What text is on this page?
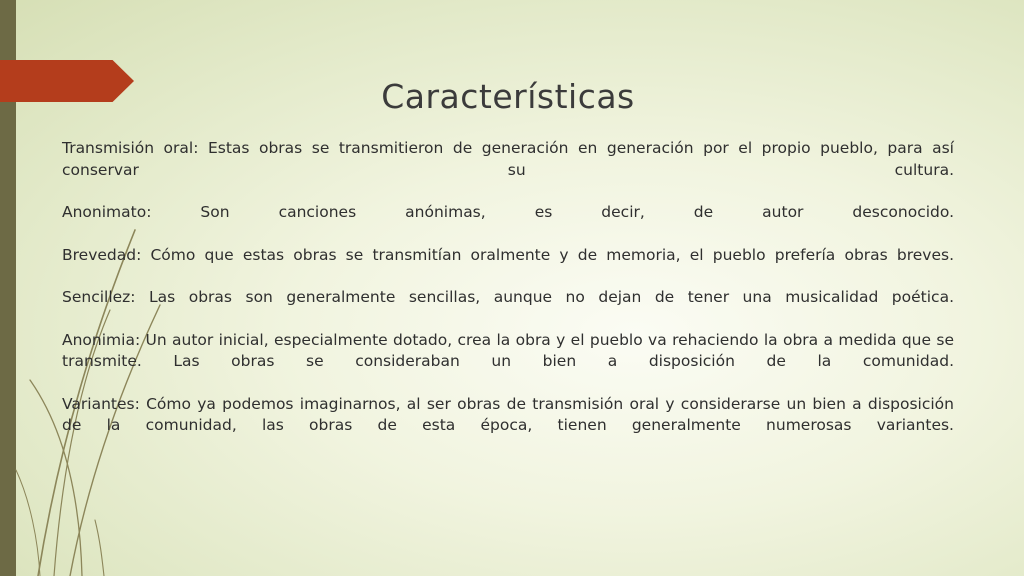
Características

Transmisión oral: Estas obras se transmitieron de generación en generación por el propio pueblo, para así conservar su cultura.

Anonimato: Son canciones anónimas, es decir, de autor desconocido.

Brevedad: Cómo que estas obras se transmitían oralmente y de memoria, el pueblo prefería obras breves.

Sencillez: Las obras son generalmente sencillas, aunque no dejan de tener una musicalidad poética.

Anonimia: Un autor inicial, especialmente dotado, crea la obra y el pueblo va rehaciendo la obra a medida que se transmite. Las obras se consideraban un bien a disposición de la comunidad.

Variantes: Cómo ya podemos imaginarnos, al ser obras de transmisión oral y considerarse un bien a disposición de la comunidad, las obras de esta época, tienen generalmente numerosas variantes.
